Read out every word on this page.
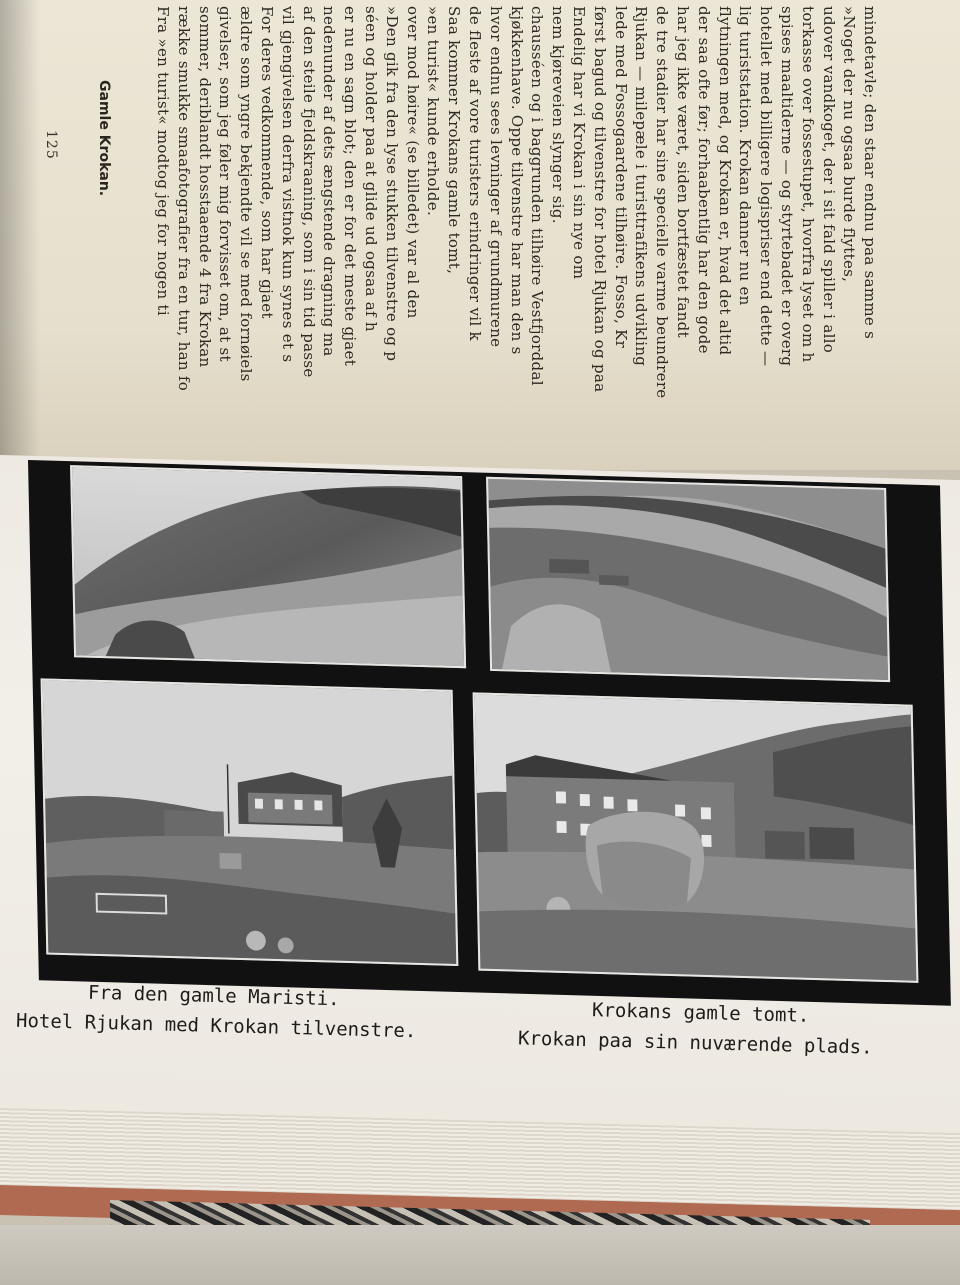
Fra den gamle Maristi.
Hotel Rjukan med Krokan tilvenstre.	Krokans gamle tomt.
Krokan paa sin nuværende plads.
125	Gamle Krokan.	Fra »en turist« modtog jeg for nogen ti række smukke smaafotografier fra en tur, han fo sommer, deriblandt hosstaaende 4 fra Krokan givelser, som jeg føler mig forvisset om, at st ældre som yngre bekjendte vil se med fornøiels For deres vedkommende, som har gjaet vil gjengivelsen derfra vistnok kun synes et s af den steile fjeldskraaning, som i sin tid passe nedenunder af dets ængstende dragning ma er nu en sagn blot; den er for det meste gjaet séen og holder paa at glide ud ogsaa af h »Den gik fra den lyse stukken tilvenstre og p over mod høire« (se billedet) var al den »en turist« kunde erholde. Saa kommer Krokans gamle tomt, de fleste af vore turisters erindringer vil k hvor endnu sees levninger af grundmurene kjøkkenhave. Oppe tilvenstre har man den s chausséen og i baggrunden tilhøire Vestfjorddal nem kjøreveien slynger sig. Endelig har vi Krokan i sin nye om først bagud og tilvenstre for hotel Rjukan og paa lede med Fossogaardene tilhøire. Fosso, Kr Rjukan — milepæle i turisttrafikens udvikling de tre stadier har sine specielle varme beundrere har jeg ikke været, siden bortfæstet fandt der saa ofte før; forhaabentlig har den gode flytningen med, og Krokan er, hvad det altid lig turiststation. Krokan danner nu en hotellet med billigere logispriser end dette — spises maaltiderne — og styrtebadet er overg torkasse over fossestupet, hvorfra lyset om h udover vandkoget, der i sit fald spiller i allo »Noget der nu ogsaa burde flyttes, mindetavle; den staar endnu paa samme s
